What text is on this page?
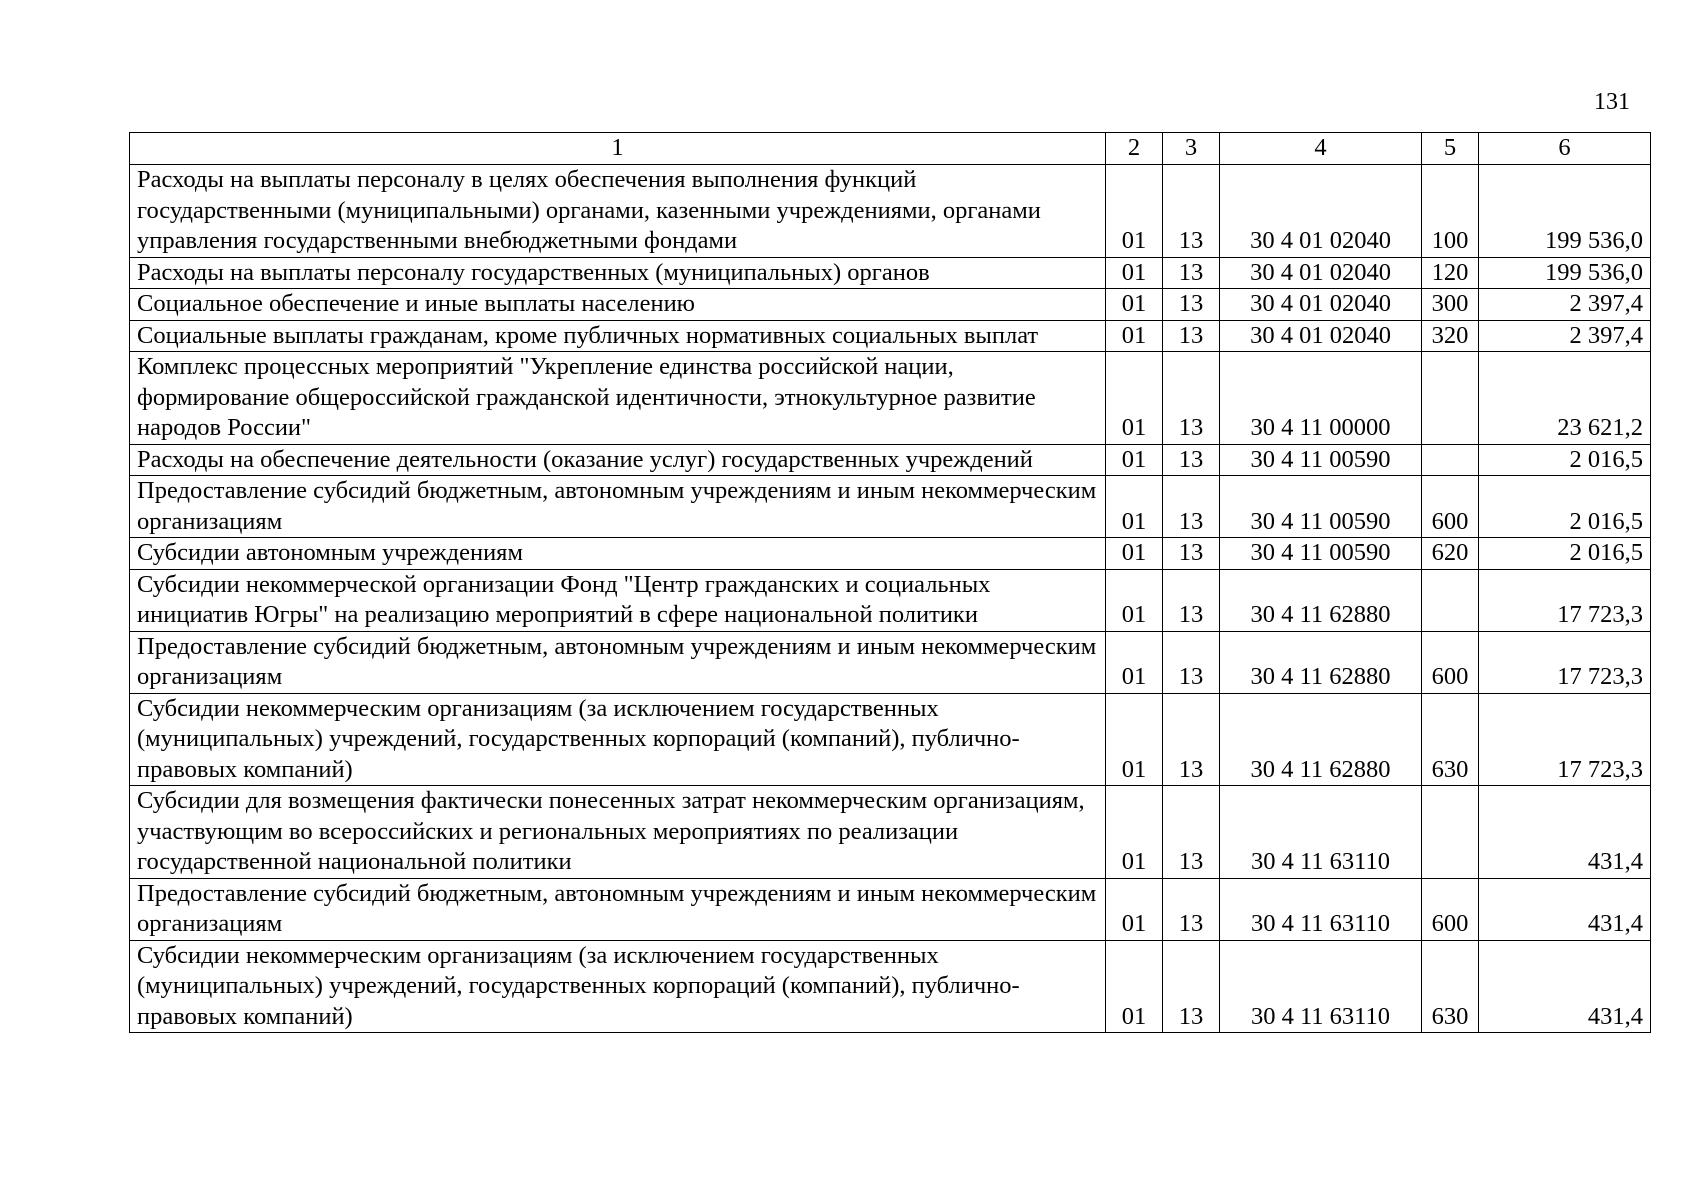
131
1	2	3	4	5	6
Расходы на выплаты персоналу в целях обеспечения выполнения функций государственными (муниципальными) органами, казенными учреждениями, органами управления государственными внебюджетными фондами	01	13	30 4 01 02040	100	199 536,0
Расходы на выплаты персоналу государственных (муниципальных) органов	01	13	30 4 01 02040	120	199 536,0
Социальное обеспечение и иные выплаты населению	01	13	30 4 01 02040	300	2 397,4
Социальные выплаты гражданам, кроме публичных нормативных социальных выплат	01	13	30 4 01 02040	320	2 397,4
Комплекс процессных мероприятий "Укрепление единства российской нации, формирование общероссийской гражданской идентичности, этнокультурное развитие народов России"	01	13	30 4 11 00000		23 621,2
Расходы на обеспечение деятельности (оказание услуг) государственных учреждений	01	13	30 4 11 00590		2 016,5
Предоставление субсидий бюджетным, автономным учреждениям и иным некоммерческим организациям	01	13	30 4 11 00590	600	2 016,5
Субсидии автономным учреждениям	01	13	30 4 11 00590	620	2 016,5
Субсидии некоммерческой организации Фонд "Центр гражданских и социальных инициатив Югры" на реализацию мероприятий в сфере национальной политики	01	13	30 4 11 62880		17 723,3
Предоставление субсидий бюджетным, автономным учреждениям и иным некоммерческим организациям	01	13	30 4 11 62880	600	17 723,3
Субсидии некоммерческим организациям (за исключением государственных (муниципальных) учреждений, государственных корпораций (компаний), публично-правовых компаний)	01	13	30 4 11 62880	630	17 723,3
Субсидии для возмещения фактически понесенных затрат некоммерческим организациям, участвующим во всероссийских и региональных мероприятиях по реализации государственной национальной политики	01	13	30 4 11 63110		431,4
Предоставление субсидий бюджетным, автономным учреждениям и иным некоммерческим организациям	01	13	30 4 11 63110	600	431,4
Субсидии некоммерческим организациям (за исключением государственных (муниципальных) учреждений, государственных корпораций (компаний), публично-правовых компаний)	01	13	30 4 11 63110	630	431,4
